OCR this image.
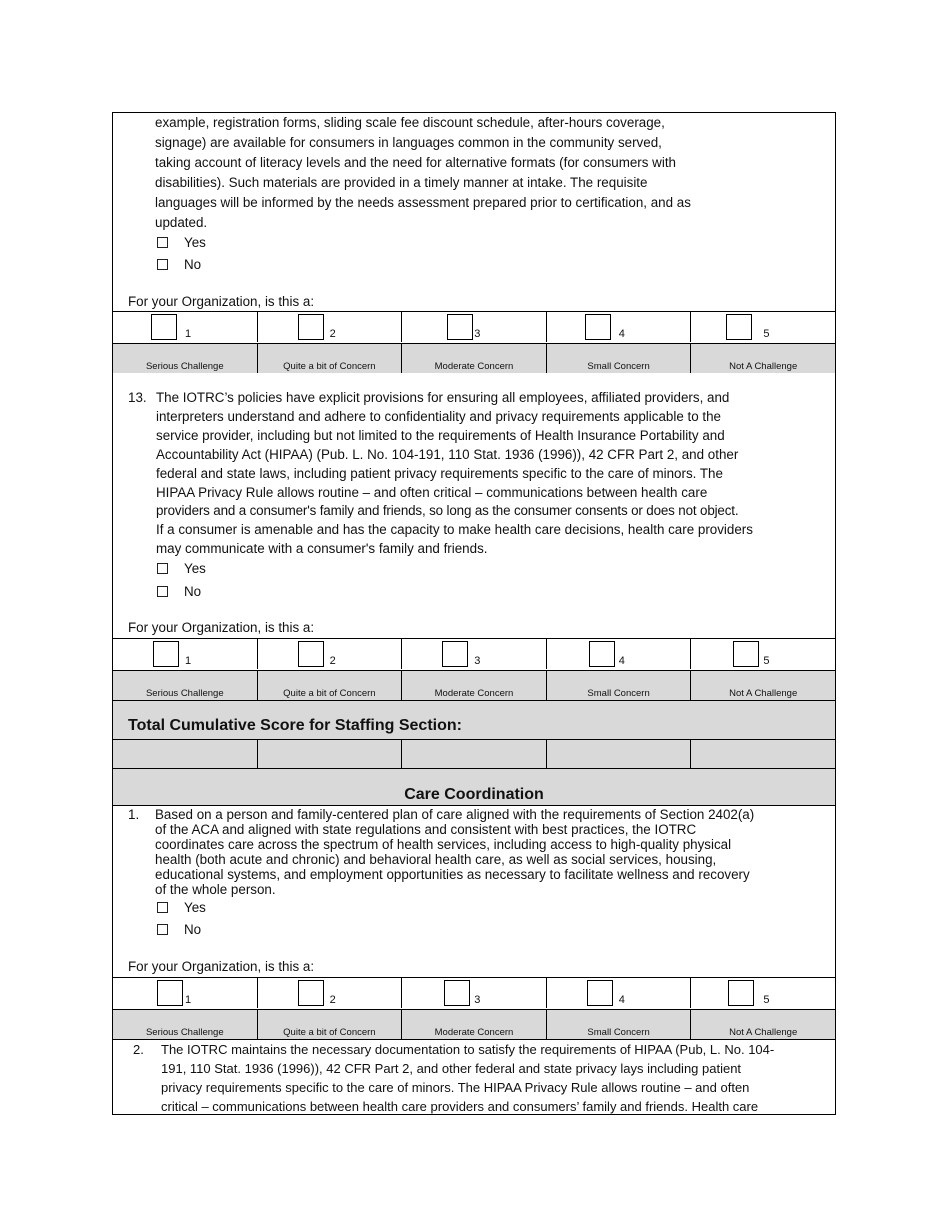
example, registration forms, sliding scale fee discount schedule, after-hours coverage,
signage) are available for consumers in languages common in the community served,
taking account of literacy levels and the need for alternative formats (for consumers with
disabilities). Such materials are provided in a timely manner at intake. The requisite
languages will be informed by the needs assessment prepared prior to certification, and as
updated.
Yes
No
For your Organization, is this a:
1	2	3	4	5
Serious Challenge	Quite a bit of Concern	Moderate Concern	Small Concern	Not A Challenge
13. The IOTRC’s policies have explicit provisions for ensuring all employees, affiliated providers, and
interpreters understand and adhere to confidentiality and privacy requirements applicable to the
service provider, including but not limited to the requirements of Health Insurance Portability and
Accountability Act (HIPAA) (Pub. L. No. 104-191, 110 Stat. 1936 (1996)), 42 CFR Part 2, and other
federal and state laws, including patient privacy requirements specific to the care of minors. The
HIPAA Privacy Rule allows routine – and often critical – communications between health care
providers and a consumer's family and friends, so long as the consumer consents or does not object.
If a consumer is amenable and has the capacity to make health care decisions, health care providers
may communicate with a consumer's family and friends.
Yes
No
For your Organization, is this a:
1	2	3	4	5
Serious Challenge	Quite a bit of Concern	Moderate Concern	Small Concern	Not A Challenge
Total Cumulative Score for Staffing Section:
Care Coordination
1. Based on a person and family-centered plan of care aligned with the requirements of Section 2402(a)
of the ACA and aligned with state regulations and consistent with best practices, the IOTRC
coordinates care across the spectrum of health services, including access to high-quality physical
health (both acute and chronic) and behavioral health care, as well as social services, housing,
educational systems, and employment opportunities as necessary to facilitate wellness and recovery
of the whole person.
Yes
No
For your Organization, is this a:
1	2	3	4	5
Serious Challenge	Quite a bit of Concern	Moderate Concern	Small Concern	Not A Challenge
2. The IOTRC maintains the necessary documentation to satisfy the requirements of HIPAA (Pub, L. No. 104-
191, 110 Stat. 1936 (1996)), 42 CFR Part 2, and other federal and state privacy lays including patient
privacy requirements specific to the care of minors. The HIPAA Privacy Rule allows routine – and often
critical – communications between health care providers and consumers’ family and friends. Health care
